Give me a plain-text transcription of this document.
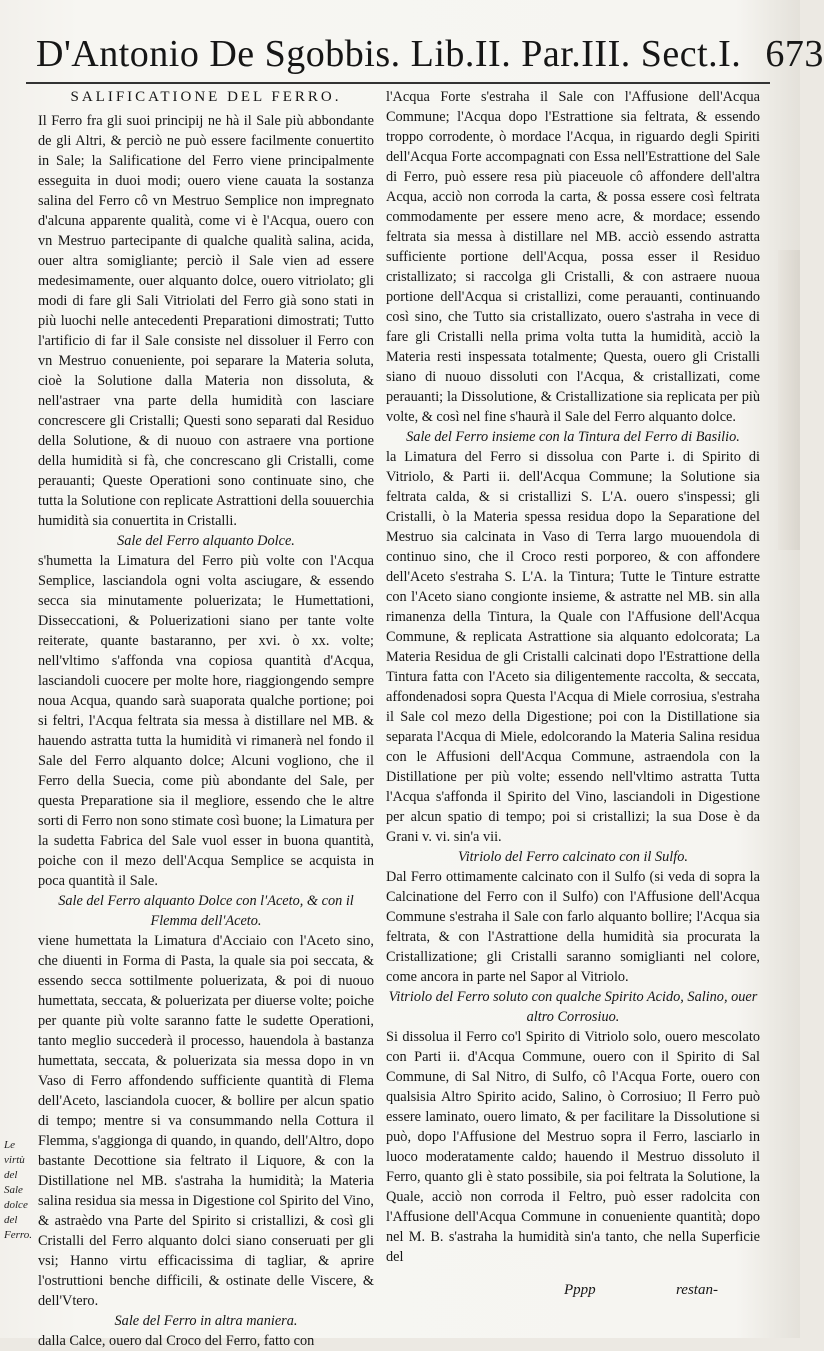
D'Antonio De Sgobbis. Lib.II. Par.III. Sect.I. 673

SALIFICATIONE DEL FERRO.

Il Ferro fra gli suoi principij ne hà il Sale più abbondante de gli Altri, & perciò ne può essere facilmente conuertito in Sale; la Salificatione del Ferro viene principalmente esseguita in duoi modi; ouero viene cauata la sostanza salina del Ferro cô vn Mestruo Semplice non impregnato d'alcuna apparente qualità, come vi è l'Acqua, ouero con vn Mestruo partecipante di qualche qualità salina, acida, ouer altra somigliante; perciò il Sale vien ad essere medesimamente, ouer alquanto dolce, ouero vitriolato; gli modi di fare gli Sali Vitriolati del Ferro già sono stati in più luochi nelle antecedenti Preparationi dimostrati; Tutto l'artificio di far il Sale consiste nel dissoluer il Ferro con vn Mestruo conueniente, poi separare la Materia soluta, cioè la Solutione dalla Materia non dissoluta, & nell'astraer vna parte della humidità con lasciare concrescere gli Cristalli; Questi sono separati dal Residuo della Solutione, & di nuouo con astraere vna portione della humidità si fà, che concrescano gli Cristalli, come perauanti; Queste Operationi sono continuate sino, che tutta la Solutione con replicate Astrattioni della souuerchia humidità sia conuertita in Cristalli.

Sale del Ferro alquanto Dolce.

s'humetta la Limatura del Ferro più volte con l'Acqua Semplice, lasciandola ogni volta asciugare, & essendo secca sia minutamente poluerizata; le Humettationi, Disseccationi, & Poluerizationi siano per tante volte reiterate, quante bastaranno, per xvi. ò xx. volte; nell'vltimo s'affonda vna copiosa quantità d'Acqua, lasciandoli cuocere per molte hore, riaggiongendo sempre noua Acqua, quando sarà suaporata qualche portione; poi si feltri, l'Acqua feltrata sia messa à distillare nel MB. & hauendo astratta tutta la humidità vi rimanerà nel fondo il Sale del Ferro alquanto dolce; Alcuni vogliono, che il Ferro della Suecia, come più abondante del Sale, per questa Preparatione sia il megliore, essendo che le altre sorti di Ferro non sono stimate così buone; la Limatura per la sudetta Fabrica del Sale vuol esser in buona quantità, poiche con il mezo dell'Acqua Semplice se acquista in poca quantità il Sale.

Sale del Ferro alquanto Dolce con l'Aceto, & con il Flemma dell'Aceto.

viene humettata la Limatura d'Acciaio con l'Aceto sino, che diuenti in Forma di Pasta, la quale sia poi seccata, & essendo secca sottilmente poluerizata, & poi di nuouo humettata, seccata, & poluerizata per diuerse volte; poiche per quante più volte saranno fatte le sudette Operationi, tanto meglio succederà il processo, hauendola à bastanza humettata, seccata, & poluerizata sia messa dopo in vn Vaso di Ferro affondendo sufficiente quantità di Flema dell'Aceto, lasciandola cuocer, & bollire per alcun spatio di tempo; mentre si va consummando nella Cottura il Flemma, s'aggionga di quando, in quando, dell'Altro, dopo bastante Decottione sia feltrato il Liquore, & con la Distillatione nel MB. s'astraha la humidità; la Materia salina residua sia messa in Digestione col Spirito del Vino, & astraèdo vna Parte del Spirito si cristallizi, & così gli Cristalli del Ferro alquanto dolci siano conseruati per gli vsi; Hanno virtu efficacissima di tagliar, & aprire l'ostruttioni benche difficili, & ostinate delle Viscere, & dell'Vtero.

Sale del Ferro in altra maniera.

dalla Calce, ouero dal Croco del Ferro, fatto con

l'Acqua Forte s'estraha il Sale con l'Affusione dell'Acqua Commune; l'Acqua dopo l'Estrattione sia feltrata, & essendo troppo corrodente, ò mordace l'Acqua, in riguardo degli Spiriti dell'Acqua Forte accompagnati con Essa nell'Estrattione del Sale di Ferro, può essere resa più piaceuole cô affondere dell'altra Acqua, acciò non corroda la carta, & possa essere così feltrata commodamente per essere meno acre, & mordace; essendo feltrata sia messa à distillare nel MB. acciò essendo astratta sufficiente portione dell'Acqua, possa esser il Residuo cristallizato; si raccolga gli Cristalli, & con astraere nuoua portione dell'Acqua si cristallizi, come perauanti, continuando così sino, che Tutto sia cristallizato, ouero s'astraha in vece di fare gli Cristalli nella prima volta tutta la humidità, acciò la Materia resti inspessata totalmente; Questa, ouero gli Cristalli siano di nuouo dissoluti con l'Acqua, & cristallizati, come perauanti; la Dissolutione, & Cristallizatione sia replicata per più volte, & così nel fine s'haurà il Sale del Ferro alquanto dolce.

Sale del Ferro insieme con la Tintura del Ferro di Basilio.

la Limatura del Ferro si dissolua con Parte i. di Spirito di Vitriolo, & Parti ii. dell'Acqua Commune; la Solutione sia feltrata calda, & si cristallizi S. L'A. ouero s'inspessi; gli Cristalli, ò la Materia spessa residua dopo la Separatione del Mestruo sia calcinata in Vaso di Terra largo muouendola di continuo sino, che il Croco resti porporeo, & con affondere dell'Aceto s'estraha S. L'A. la Tintura; Tutte le Tinture estratte con l'Aceto siano congionte insieme, & astratte nel MB. sin alla rimanenza della Tintura, la Quale con l'Affusione dell'Acqua Commune, & replicata Astrattione sia alquanto edolcorata; La Materia Residua de gli Cristalli calcinati dopo l'Estrattione della Tintura fatta con l'Aceto sia diligentemente raccolta, & seccata, affondenadosi sopra Questa l'Acqua di Miele corrosiua, s'estraha il Sale col mezo della Digestione; poi con la Distillatione sia separata l'Acqua di Miele, edolcorando la Materia Salina residua con le Affusioni dell'Acqua Commune, astraendola con la Distillatione per più volte; essendo nell'vltimo astratta Tutta l'Acqua s'affonda il Spirito del Vino, lasciandoli in Digestione per alcun spatio di tempo; poi si cristallizi; la sua Dose è da Grani v. vi. sin'a vii.

Vitriolo del Ferro calcinato con il Sulfo.

Dal Ferro ottimamente calcinato con il Sulfo (si veda di sopra la Calcinatione del Ferro con il Sulfo) con l'Affusione dell'Acqua Commune s'estraha il Sale con farlo alquanto bollire; l'Acqua sia feltrata, & con l'Astrattione della humidità sia procurata la Cristallizatione; gli Cristalli saranno somiglianti nel colore, come ancora in parte nel Sapor al Vitriolo.

Vitriolo del Ferro soluto con qualche Spirito Acido, Salino, ouer altro Corrosiuo.

Si dissolua il Ferro co'l Spirito di Vitriolo solo, ouero mescolato con Parti ii. d'Acqua Commune, ouero con il Spirito di Sal Commune, di Sal Nitro, di Sulfo, cô l'Acqua Forte, ouero con qualsisia Altro Spirito acido, Salino, ò Corrosiuo; Il Ferro può essere laminato, ouero limato, & per facilitare la Dissolutione si può, dopo l'Affusione del Mestruo sopra il Ferro, lasciarlo in luoco moderatamente caldo; hauendo il Mestruo dissoluto il Ferro, quanto gli è stato possibile, sia poi feltrata la Solutione, la Quale, acciò non corroda il Feltro, può esser radolcita con l'Affusione dell'Acqua Commune in conueniente quantità; dopo nel M. B. s'astraha la humidità sin'a tanto, che nella Superficie del

Le virtù del Sale dolce del Ferro.
Pppp	restan-
